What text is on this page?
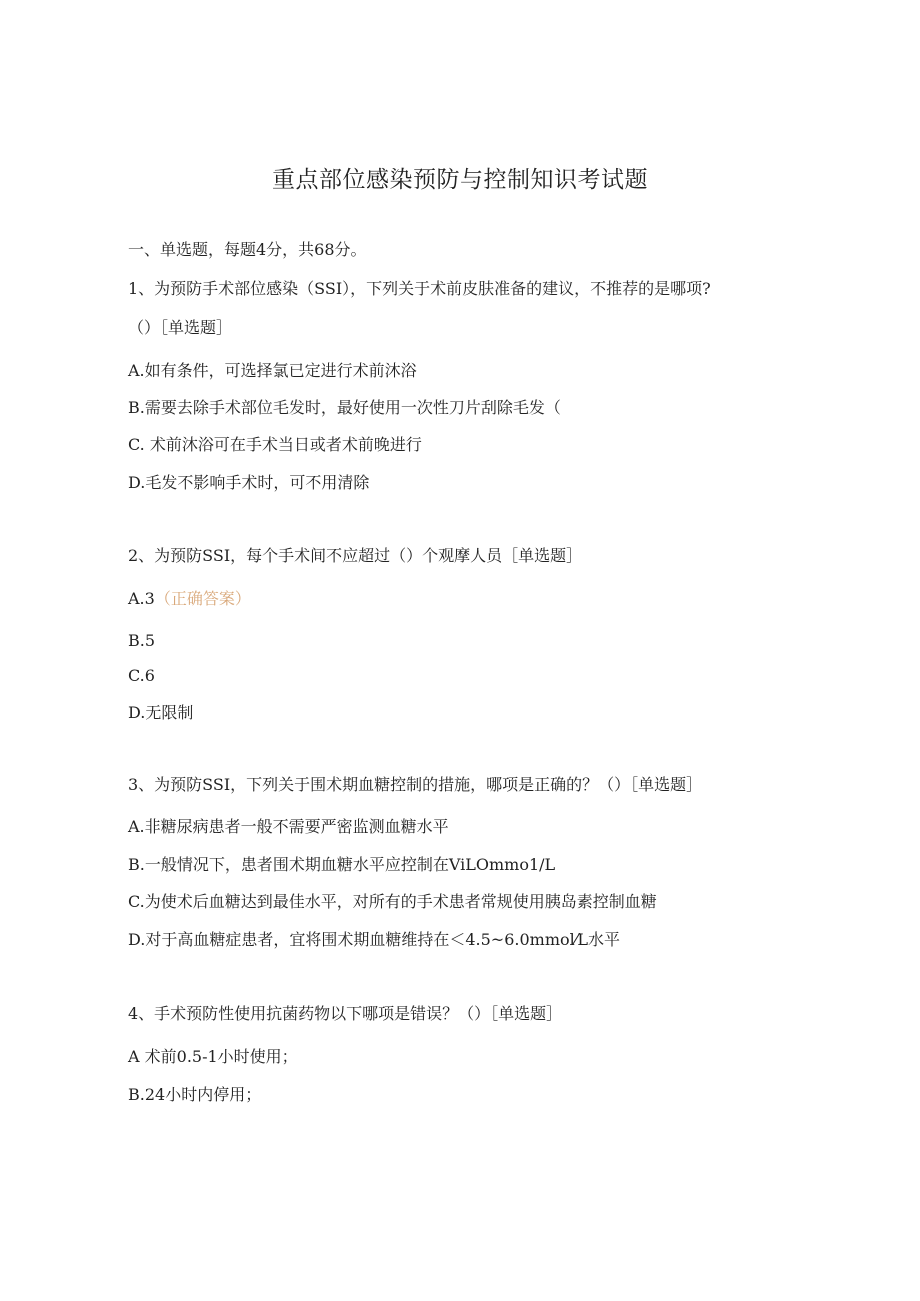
重点部位感染预防与控制知识考试题
一、单选题，每题4分，共68分。
1、为预防手术部位感染（SSI），下列关于术前皮肤准备的建议，不推荐的是哪项?
（）［单选题］
A.如有条件，可选择氯已定进行术前沐浴
B.需要去除手术部位毛发时，最好使用一次性刀片刮除毛发（
C. 术前沐浴可在手术当日或者术前晚进行
D.毛发不影响手术时，可不用清除
2、为预防SSI，每个手术间不应超过（）个观摩人员［单选题］
A.3（正确答案）
B.5
C.6
D.无限制
3、为预防SSI，下列关于围术期血糖控制的措施，哪项是正确的？（）［单选题］
A.非糖尿病患者一般不需要严密监测血糖水平
B.一般情况下，患者围术期血糖水平应控制在ViLOmmo1/L
C.为使术后血糖达到最佳水平，对所有的手术患者常规使用胰岛素控制血糖
D.对于高血糖症患者，宜将围术期血糖维持在＜4.5~6.0mmol⁄L水平
4、手术预防性使用抗菌药物以下哪项是错误？（）［单选题］
A 术前0.5-1小时使用；
B.24小时内停用；
